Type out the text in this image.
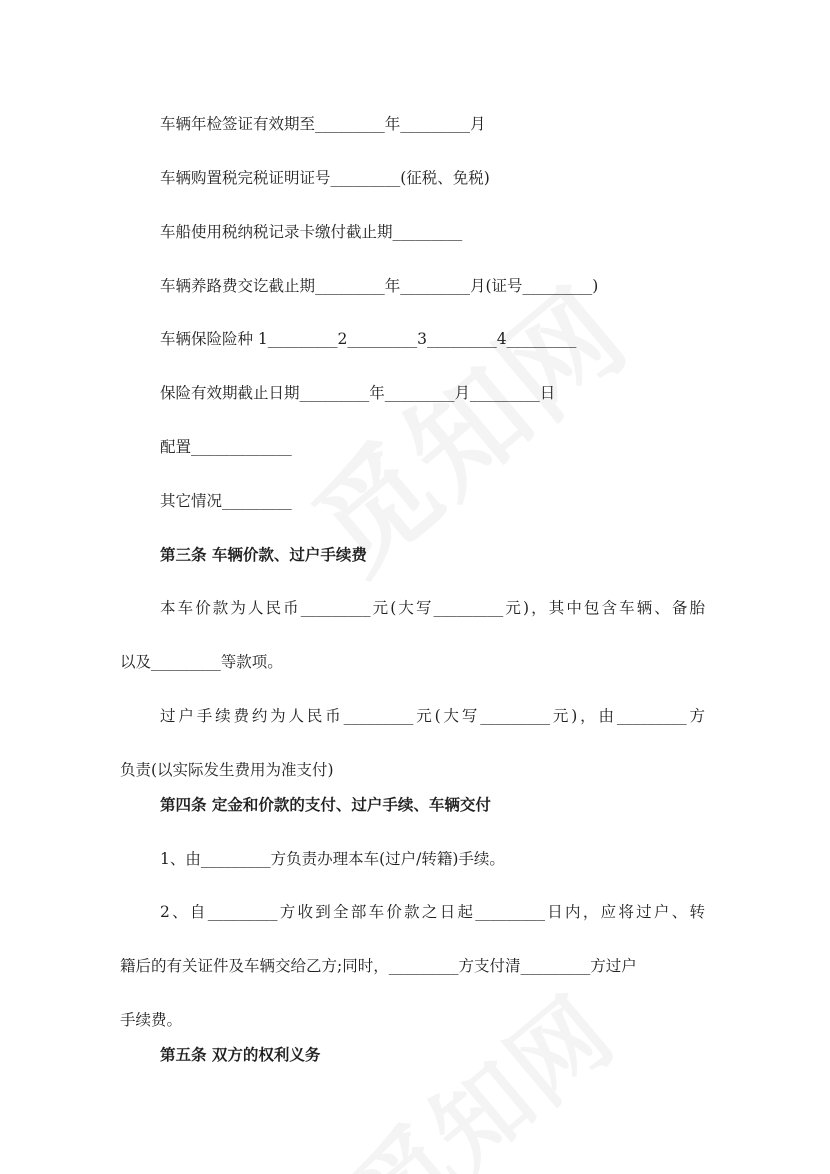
车辆年检签证有效期至_________年_________月

车辆购置税完税证明证号_________(征税、免税)

车船使用税纳税记录卡缴付截止期_________

车辆养路费交讫截止期_________年_________月(证号_________)

车辆保险险种 1_________2_________3_________4_________

保险有效期截止日期_________年_________月_________日

配置_____________

其它情况_________

第三条 车辆价款、过户手续费

本车价款为人民币_________元(大写_________元)，其中包含车辆、备胎
以及_________等款项。
过户手续费约为人民币_________元(大写_________元)，由_________方
负责(以实际发生费用为准支付)

第四条 定金和价款的支付、过户手续、车辆交付

1、由_________方负责办理本车(过户/转籍)手续。

2、自_________方收到全部车价款之日起_________日内，应将过户、转
籍后的有关证件及车辆交给乙方;同时，_________方支付清_________方过户
手续费。

第五条 双方的权利义务
